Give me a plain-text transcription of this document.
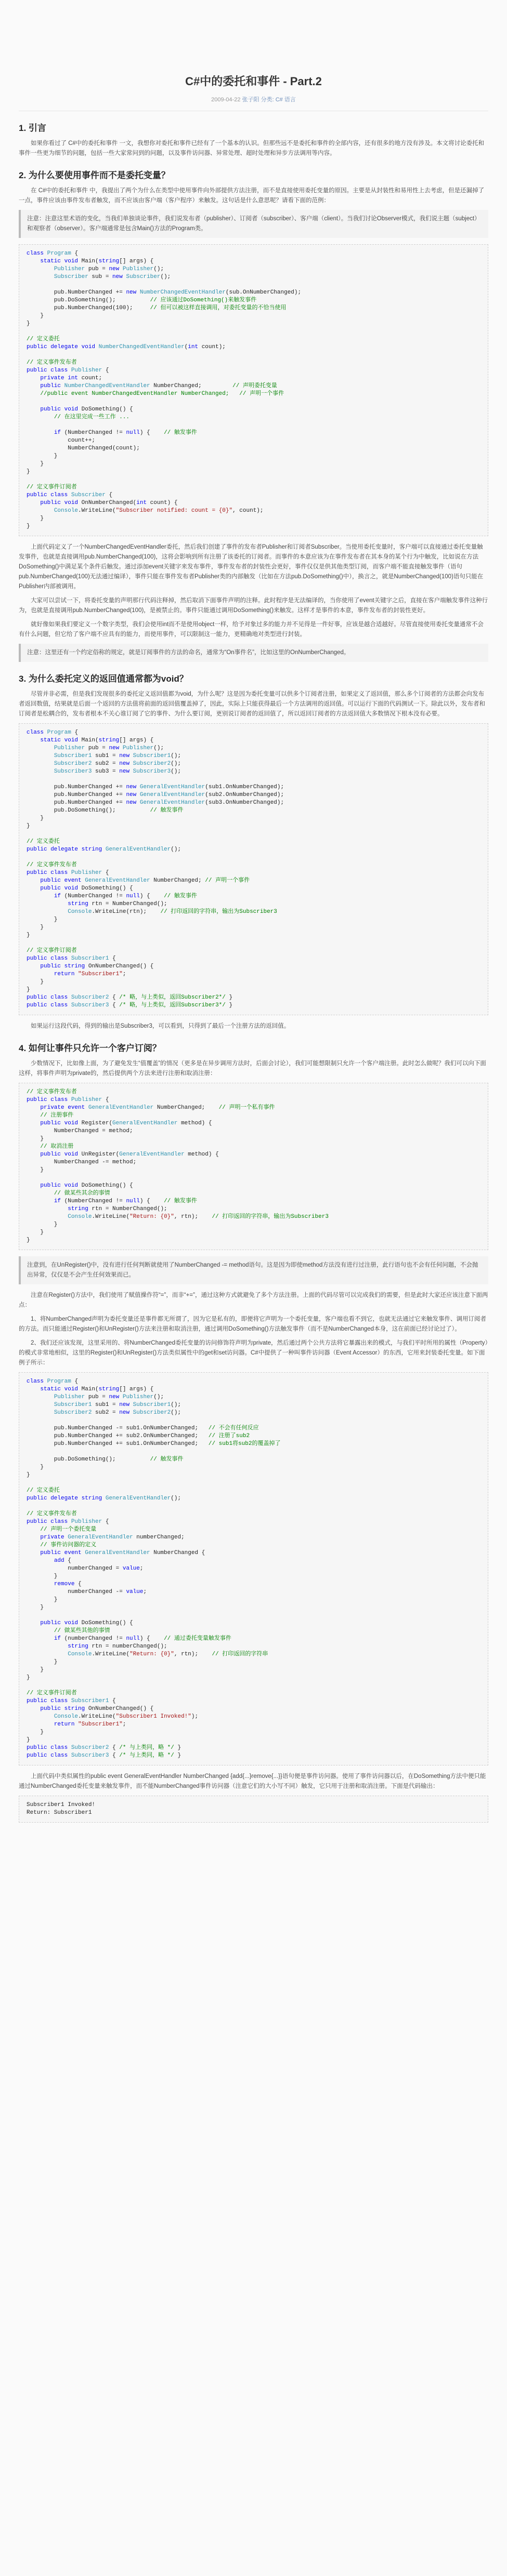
C#中的委托和事件 - Part.2
2009-04-22 张子阳 分类: C# 语言
1. 引言

如果你看过了 C#中的委托和事件 一文，我想你对委托和事件已经有了一个基本的认识。但那些远不是委托和事件的全部内容，还有很多的地方没有涉及。本文将讨论委托和事件一些更为细节的问题，包括一些大家常问到的问题，以及事件访问器、异常处理、超时处理和异步方法调用等内容。

2. 为什么要使用事件而不是委托变量？

在 C#中的委托和事件 中，我提出了两个为什么在类型中使用事件向外部提供方法注册，而不是直接使用委托变量的原因。主要是从封装性和易用性上去考虑，但是还漏掉了一点，事件应该由事件发布者触发，而不应该由客户端（客户程序）来触发。这句话是什么意思呢？请看下面的范例：

注意：注意这里术语的变化，当我们单独谈论事件，我们说发布者（publisher）、订阅者（subscriber）、客户端（client）。当我们讨论Observer模式，我们说主题（subject）和观察者（observer）。客户端通常是包含Main()方法的Program类。
class Program {
static void Main(string[] args) {
Publisher pub = new Publisher();
Subscriber sub = new Subscriber();

pub.NumberChanged += new NumberChangedEventHandler(sub.OnNumberChanged);
pub.DoSomething();          // 应该通过DoSomething()来触发事件
pub.NumberChanged(100);     // 但可以被这样直接调用，对委托变量的不恰当使用
}
}

// 定义委托
public delegate void NumberChangedEventHandler(int count);

// 定义事件发布者
public class Publisher {
private int count;
public NumberChangedEventHandler NumberChanged;         // 声明委托变量
//public event NumberChangedEventHandler NumberChanged;   // 声明一个事件

public void DoSomething() {
// 在这里完成一些工作 ...

if (NumberChanged != null) {    // 触发事件
count++;
NumberChanged(count);
}
}
}

// 定义事件订阅者
public class Subscriber {
public void OnNumberChanged(int count) {
Console.WriteLine("Subscriber notified: count = {0}", count);
}
}

上面代码定义了一个NumberChangedEventHandler委托，然后我们创建了事件的发布者Publisher和订阅者Subscriber。当使用委托变量时，客户端可以直接通过委托变量触发事件，也就是直接调用pub.NumberChanged(100)，这将会影响到所有注册了该委托的订阅者。而事件的本意应该为在事件发布者在其本身的某个行为中触发，比如说在方法DoSomething()中满足某个条件后触发。通过添加event关键字来发布事件，事件发布者的封装性会更好，事件仅仅是供其他类型订阅，而客户端不能直接触发事件（语句pub.NumberChanged(100)无法通过编译），事件只能在事件发布者Publisher类的内部触发（比如在方法pub.DoSomething()中），换言之，就是NumberChanged(100)语句只能在Publisher内部被调用。

大家可以尝试一下，将委托变量的声明那行代码注释掉，然后取消下面事件声明的注释。此时程序是无法编译的，当你使用了event关键字之后，直接在客户端触发事件这种行为，也就是直接调用pub.NumberChanged(100)，是被禁止的。事件只能通过调用DoSomething()来触发。这样才是事件的本意，事件发布者的封装性更好。

就好像如果我们要定义一个数字类型，我们会使用int而不是使用object一样，给予对象过多的能力并不见得是一件好事，应该是越合适越好。尽管直接使用委托变量通常不会有什么问题，但它给了客户端不应具有的能力，而使用事件，可以限制这一能力，更精确地对类型进行封装。

注意：这里还有一个约定俗称的规定，就是订阅事件的方法的命名，通常为“On事件名”，比如这里的OnNumberChanged。
3. 为什么委托定义的返回值通常都为void？

尽管并非必需，但是我们发现很多的委托定义返回值都为void，为什么呢？这是因为委托变量可以供多个订阅者注册，如果定义了返回值，那么多个订阅者的方法都会向发布者返回数值，结果就是后面一个返回的方法值将前面的返回值覆盖掉了，因此，实际上只能获得最后一个方法调用的返回值。可以运行下面的代码测试一下。除此以外，发布者和订阅者是松耦合的，发布者根本不关心谁订阅了它的事件、为什么要订阅，更别说订阅者的返回值了，所以返回订阅者的方法返回值大多数情况下根本没有必要。

class Program {
static void Main(string[] args) {
Publisher pub = new Publisher();
Subscriber1 sub1 = new Subscriber1();
Subscriber2 sub2 = new Subscriber2();
Subscriber3 sub3 = new Subscriber3();

pub.NumberChanged += new GeneralEventHandler(sub1.OnNumberChanged);
pub.NumberChanged += new GeneralEventHandler(sub2.OnNumberChanged);
pub.NumberChanged += new GeneralEventHandler(sub3.OnNumberChanged);
pub.DoSomething();          // 触发事件
}
}

// 定义委托
public delegate string GeneralEventHandler();

// 定义事件发布者
public class Publisher {
public event GeneralEventHandler NumberChanged; // 声明一个事件
public void DoSomething() {
if (NumberChanged != null) {    // 触发事件
string rtn = NumberChanged();
Console.WriteLine(rtn);    // 打印返回的字符串，输出为Subscriber3
}
}
}

// 定义事件订阅者
public class Subscriber1 {
public string OnNumberChanged() {
return "Subscriber1";
}
}
public class Subscriber2 { /* 略，与上类似，返回Subscriber2*/ }
public class Subscriber3 { /* 略，与上类似，返回Subscriber3*/ }

如果运行这段代码，得到的输出是Subscriber3，可以看到，只得到了最后一个注册方法的返回值。

4. 如何让事件只允许一个客户订阅？

少数情况下，比如像上面，为了避免发生“值覆盖”的情况（更多是在异步调用方法时，后面会讨论），我们可能想限制只允许一个客户端注册。此时怎么做呢？我们可以向下面这样，将事件声明为private的，然后提供两个方法来进行注册和取消注册：

// 定义事件发布者
public class Publisher {
private event GeneralEventHandler NumberChanged;    // 声明一个私有事件
// 注册事件
public void Register(GeneralEventHandler method) {
NumberChanged = method;
}
// 取消注册
public void UnRegister(GeneralEventHandler method) {
NumberChanged -= method;
}

public void DoSomething() {
// 做某些其余的事情
if (NumberChanged != null) {    // 触发事件
string rtn = NumberChanged();
Console.WriteLine("Return: {0}", rtn);    // 打印返回的字符串，输出为Subscriber3
}
}
}
注意到，在UnRegister()中，没有进行任何判断就使用了NumberChanged -= method语句。这是因为即使method方法没有进行过注册，此行语句也不会有任何问题，不会抛出异常，仅仅是不会产生任何效果而已。

注意在Register()方法中，我们使用了赋值操作符“=”，而非“+=”，通过这种方式就避免了多个方法注册。上面的代码尽管可以完成我们的需要，但是此时大家还应该注意下面两点：

1、将NumberChanged声明为委托变量还是事件都无所谓了，因为它是私有的，即便将它声明为一个委托变量，客户端也看不到它，也就无法通过它来触发事件、调用订阅者的方法。而只能通过Register()和UnRegister()方法来注册和取消注册，通过调用DoSomething()方法触发事件（而不是NumberChanged本身，这在前面已经讨论过了）。

2、我们还应该发现，这里采用的、将NumberChanged委托变量的访问修饰符声明为private，然后通过两个公共方法将它暴露出来的模式，与我们平时所用的属性（Property）的模式非常地相似，这里的Register()和UnRegister()方法类似属性中的get和set访问器。C#中提供了一种叫事件访问器（Event Accessor）的东西，它用来封装委托变量。如下面例子所示：

class Program {
static void Main(string[] args) {
Publisher pub = new Publisher();
Subscriber1 sub1 = new Subscriber1();
Subscriber2 sub2 = new Subscriber2();

pub.NumberChanged -= sub1.OnNumberChanged;   // 不会有任何反应
pub.NumberChanged += sub2.OnNumberChanged;   // 注册了sub2
pub.NumberChanged += sub1.OnNumberChanged;   // sub1将sub2的覆盖掉了

pub.DoSomething();          // 触发事件
}
}

// 定义委托
public delegate string GeneralEventHandler();

// 定义事件发布者
public class Publisher {
// 声明一个委托变量
private GeneralEventHandler numberChanged;
// 事件访问器的定义
public event GeneralEventHandler NumberChanged {
add {
numberChanged = value;
}
remove {
numberChanged -= value;
}
}

public void DoSomething() {
// 做某些其他的事情
if (numberChanged != null) {    // 通过委托变量触发事件
string rtn = numberChanged();
Console.WriteLine("Return: {0}", rtn);    // 打印返回的字符串
}
}
}

// 定义事件订阅者
public class Subscriber1 {
public string OnNumberChanged() {
Console.WriteLine("Subscriber1 Invoked!");
return "Subscriber1";
}
}
public class Subscriber2 { /* 与上类同，略 */ }
public class Subscriber3 { /* 与上类同，略 */ }

上面代码中类似属性的public event GeneralEventHandler NumberChanged {add{...}remove{...}}语句便是事件访问器。使用了事件访问器以后，在DoSomething方法中便只能通过NumberChanged委托变量来触发事件，而不能NumberChanged事件访问器（注意它们的大小写不同）触发，它只用于注册和取消注册。下面是代码输出：

Subscriber1 Invoked!
Return: Subscriber1
